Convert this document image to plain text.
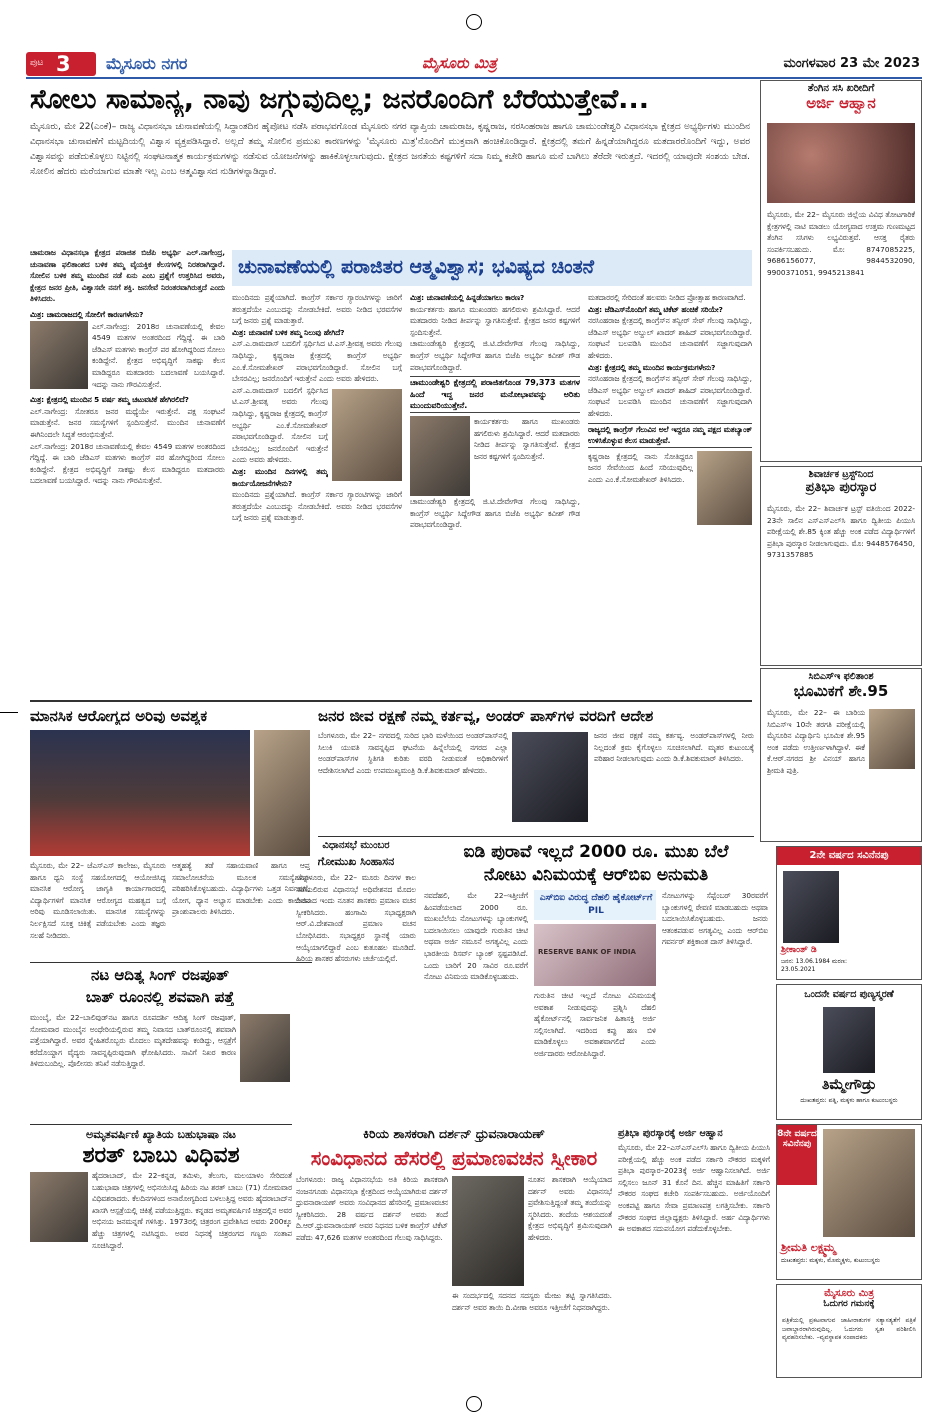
ಪುಟ 3 ಮೈಸೂರು ನಗರ	ಮೈಸೂರು ಮಿತ್ರ	ಮಂಗಳವಾರ 23 ಮೇ 2023
ಸೋಲು ಸಾಮಾನ್ಯ, ನಾವು ಜಗ್ಗುವುದಿಲ್ಲ; ಜನರೊಂದಿಗೆ ಬೆರೆಯುತ್ತೇವೆ...
ಮೈಸೂರು, ಮೇ 22(ಎಂಕೆ)– ರಾಜ್ಯ ವಿಧಾನಸಭಾ ಚುನಾವಣೆಯಲ್ಲಿ ಸಿದ್ಧಾಂತದಿನ ಹೈಪೋಟ ನಡೆಸಿ ಪರಾಭವಗೊಂಡ ಮೈಸೂರು ನಗರ ವ್ಯಾಪ್ತಿಯ ಚಾಮರಾಜ, ಕೃಷ್ಣರಾಜ, ನರಸಿಂಹರಾಜ ಹಾಗೂ ಚಾಮುಂಡೇಶ್ವರಿ ವಿಧಾನಸಭಾ ಕ್ಷೇತ್ರದ ಅಭ್ಯರ್ಥಿಗಳು ಮುಂದಿನ ವಿಧಾನಸಭಾ ಚುನಾವಣೆಗೆ ಮಟ್ಟದಿಯಲ್ಲಿ ವಿಶ್ವಾಸ ವ್ಯಕ್ತಪಡಿಸಿದ್ದಾರೆ. ಅಲ್ಲದೆ ತಮ್ಮ ಸೋಲಿನ ಪ್ರಮುಖ ಕಾರಣಗಳನ್ನು 'ಮೈಸೂರು ಮಿತ್ರ'ನೊಂದಿಗೆ ಮುಕ್ತವಾಗಿ ಹಂಚಿಕೊಂಡಿದ್ದಾರೆ. ಕ್ಷೇತ್ರದಲ್ಲಿ ತಮಗೆ ಹಿನ್ನಡೆಯಾಗಿದ್ದರೂ ಮತದಾರರೊಂದಿಗೆ ಇದ್ದು, ಅವರ ವಿಶ್ವಾಸವನ್ನು ಪಡೆದುಕೊಳ್ಳಲು ನಿಟ್ಟಿನಲ್ಲಿ ಸಂಘಟನಾತ್ಮಕ ಕಾರ್ಯಕ್ರಮಗಳನ್ನು ನಡೆಸುವ ಯೋಜನೆಗಳನ್ನು ಹಾಕಿಕೊಳ್ಳಲಾಗುವುದು. ಕ್ಷೇತ್ರದ ಜನತೆಯ ಕಷ್ಟಗಳಿಗೆ ಸದಾ ನಿಮ್ಮ ಕಚೇರಿ ಹಾಗೂ ಮನೆ ಬಾಗಿಲು ತೆರೆದೇ ಇರುತ್ತದೆ. ಇದರಲ್ಲಿ ಯಾವುದೇ ಸಂಶಯ ಬೇಡ. ಸೋಲಿನ ಹೆದರು ಮರೆಯಾಗುವ ಮಾತೇ ಇಲ್ಲ ಎಂಬ ಆತ್ಮವಿಶ್ವಾಸದ ನುಡಿಗಳನ್ನಾಡಿದ್ದಾರೆ.
ಚುನಾವಣೆಯಲ್ಲಿ ಪರಾಜಿತರ ಆತ್ಮವಿಶ್ವಾಸ; ಭವಿಷ್ಯದ ಚಿಂತನೆ
ಚಾಮರಾಜ ವಿಧಾನಸಭಾ ಕ್ಷೇತ್ರದ ಪರಾಜಿತ ಬಿಜೆಪಿ ಅಭ್ಯರ್ಥಿ ಎಲ್.ನಾಗೇಂದ್ರ, ಚುನಾವಣಾ ಫಲಿತಾಂಶದ ಬಳಿಕ ತಮ್ಮ ವೈಯಕ್ತಿಕ ಕೆಲಸಗಳಲ್ಲಿ ನಿರತರಾಗಿದ್ದಾರೆ. ಸೋಲಿನ ಬಳಿಕ ತಮ್ಮ ಮುಂದಿನ ನಡೆ ಏನು ಎಂಬ ಪ್ರಶ್ನೆಗೆ ಉತ್ತರಿಸಿದ ಅವರು, ಕ್ಷೇತ್ರದ ಜನರ ಪ್ರೀತಿ, ವಿಶ್ವಾಸವೇ ನನಗೆ ಶಕ್ತಿ. ಜನಸೇವೆ ನಿರಂತರವಾಗಿರುತ್ತದೆ ಎಂದು ತಿಳಿಸಿದರು.
ಮಿತ್ರ: ಚಾಮರಾಜದಲ್ಲಿ ಸೋಲಿಗೆ ಕಾರಣಗಳೇನು?
ಎಲ್.ನಾಗೇಂದ್ರ: 2018ರ ಚುನಾವಣೆಯಲ್ಲಿ ಕೇವಲ 4549 ಮತಗಳ ಅಂತರದಿಂದ ಗೆದ್ದಿದ್ದೆ. ಈ ಬಾರಿ ಜೆಡಿಎಸ್ ಮತಗಳು ಕಾಂಗ್ರೆಸ್ ಪರ ಹೋಗಿದ್ದರಿಂದ ಸೋಲು ಕಂಡಿದ್ದೇನೆ. ಕ್ಷೇತ್ರದ ಅಭಿವೃದ್ಧಿಗೆ ಸಾಕಷ್ಟು ಕೆಲಸ ಮಾಡಿದ್ದರೂ ಮತದಾರರು ಬದಲಾವಣೆ ಬಯಸಿದ್ದಾರೆ. ಇದನ್ನು ನಾನು ಗೌರವಿಸುತ್ತೇನೆ.
ಮಿತ್ರ: ಕ್ಷೇತ್ರದಲ್ಲಿ ಮುಂದಿನ 5 ವರ್ಷ ತಮ್ಮ ಚಟುವಟಿಕೆ ಹೇಗಿರಲಿದೆ?
ಎಲ್.ನಾಗೇಂದ್ರ: ಸೋತರೂ ಜನರ ಮಧ್ಯೆಯೇ ಇರುತ್ತೇನೆ. ಪಕ್ಷ ಸಂಘಟನೆ ಮಾಡುತ್ತೇನೆ. ಜನರ ಸಮಸ್ಯೆಗಳಿಗೆ ಸ್ಪಂದಿಸುತ್ತೇನೆ. ಮುಂದಿನ ಚುನಾವಣೆಗೆ ಈಗಿನಿಂದಲೇ ಸಿದ್ಧತೆ ಆರಂಭಿಸುತ್ತೇನೆ.
ಎಲ್.ನಾಗೇಂದ್ರ: 2018ರ ಚುನಾವಣೆಯಲ್ಲಿ ಕೇವಲ 4549 ಮತಗಳ ಅಂತರದಿಂದ ಗೆದ್ದಿದ್ದೆ. ಈ ಬಾರಿ ಜೆಡಿಎಸ್ ಮತಗಳು ಕಾಂಗ್ರೆಸ್ ಪರ ಹೋಗಿದ್ದರಿಂದ ಸೋಲು ಕಂಡಿದ್ದೇನೆ. ಕ್ಷೇತ್ರದ ಅಭಿವೃದ್ಧಿಗೆ ಸಾಕಷ್ಟು ಕೆಲಸ ಮಾಡಿದ್ದರೂ ಮತದಾರರು ಬದಲಾವಣೆ ಬಯಸಿದ್ದಾರೆ. ಇದನ್ನು ನಾನು ಗೌರವಿಸುತ್ತೇನೆ.
ಮುಂದಿನದು ಪ್ರಶ್ನೆಯಾಗಿದೆ. ಕಾಂಗ್ರೆಸ್ ಸರ್ಕಾರ ಗ್ಯಾರಂಟಿಗಳನ್ನು ಜಾರಿಗೆ ತರುತ್ತದೆಯೇ ಎಂಬುದನ್ನು ನೋಡಬೇಕಿದೆ. ಅವರು ನೀಡಿದ ಭರವಸೆಗಳ ಬಗ್ಗೆ ಜನರು ಪ್ರಶ್ನೆ ಮಾಡುತ್ತಾರೆ.
ಮಿತ್ರ: ಚುನಾವಣೆ ಬಳಿಕ ತಮ್ಮ ನಿಲುವು ಹೇಗಿದೆ?
ಎಸ್.ಎ.ರಾಮದಾಸ್ ಬದಲಿಗೆ ಸ್ಪರ್ಧಿಸಿದ ಟಿ.ಎಸ್.ಶ್ರೀವತ್ಸ ಅವರು ಗೆಲುವು ಸಾಧಿಸಿದ್ದು, ಕೃಷ್ಣರಾಜ ಕ್ಷೇತ್ರದಲ್ಲಿ ಕಾಂಗ್ರೆಸ್ ಅಭ್ಯರ್ಥಿ ಎಂ.ಕೆ.ಸೋಮಶೇಖರ್ ಪರಾಭವಗೊಂಡಿದ್ದಾರೆ. ಸೋಲಿನ ಬಗ್ಗೆ ಬೇಸರವಿಲ್ಲ; ಜನರೊಂದಿಗೆ ಇರುತ್ತೇನೆ ಎಂದು ಅವರು ಹೇಳಿದರು.
ಎಸ್.ಎ.ರಾಮದಾಸ್ ಬದಲಿಗೆ ಸ್ಪರ್ಧಿಸಿದ ಟಿ.ಎಸ್.ಶ್ರೀವತ್ಸ ಅವರು ಗೆಲುವು ಸಾಧಿಸಿದ್ದು, ಕೃಷ್ಣರಾಜ ಕ್ಷೇತ್ರದಲ್ಲಿ ಕಾಂಗ್ರೆಸ್ ಅಭ್ಯರ್ಥಿ ಎಂ.ಕೆ.ಸೋಮಶೇಖರ್ ಪರಾಭವಗೊಂಡಿದ್ದಾರೆ. ಸೋಲಿನ ಬಗ್ಗೆ ಬೇಸರವಿಲ್ಲ; ಜನರೊಂದಿಗೆ ಇರುತ್ತೇನೆ ಎಂದು ಅವರು ಹೇಳಿದರು.
ಮಿತ್ರ: ಮುಂದಿನ ದಿನಗಳಲ್ಲಿ ತಮ್ಮ ಕಾರ್ಯಯೋಜನೆಗಳೇನು?
ಮುಂದಿನದು ಪ್ರಶ್ನೆಯಾಗಿದೆ. ಕಾಂಗ್ರೆಸ್ ಸರ್ಕಾರ ಗ್ಯಾರಂಟಿಗಳನ್ನು ಜಾರಿಗೆ ತರುತ್ತದೆಯೇ ಎಂಬುದನ್ನು ನೋಡಬೇಕಿದೆ. ಅವರು ನೀಡಿದ ಭರವಸೆಗಳ ಬಗ್ಗೆ ಜನರು ಪ್ರಶ್ನೆ ಮಾಡುತ್ತಾರೆ.
ಮಿತ್ರ: ಚುನಾವಣೆಯಲ್ಲಿ ಹಿನ್ನಡೆಯಾಗಲು ಕಾರಣ?
ಕಾರ್ಯಕರ್ತರು ಹಾಗೂ ಮುಖಂಡರು ಹಗಲಿರುಳು ಶ್ರಮಿಸಿದ್ದಾರೆ. ಆದರೆ ಮತದಾರರು ನೀಡಿದ ತೀರ್ಪನ್ನು ಸ್ವಾಗತಿಸುತ್ತೇವೆ. ಕ್ಷೇತ್ರದ ಜನರ ಕಷ್ಟಗಳಿಗೆ ಸ್ಪಂದಿಸುತ್ತೇನೆ.
ಚಾಮುಂಡೇಶ್ವರಿ ಕ್ಷೇತ್ರದಲ್ಲಿ ಜಿ.ಟಿ.ದೇವೇಗೌಡ ಗೆಲುವು ಸಾಧಿಸಿದ್ದು, ಕಾಂಗ್ರೆಸ್ ಅಭ್ಯರ್ಥಿ ಸಿದ್ದೇಗೌಡ ಹಾಗೂ ಬಿಜೆಪಿ ಅಭ್ಯರ್ಥಿ ಕವೀಶ್ ಗೌಡ ಪರಾಭವಗೊಂಡಿದ್ದಾರೆ.
ಚಾಮುಂಡೇಶ್ವರಿ ಕ್ಷೇತ್ರದಲ್ಲಿ ಪರಾಜಿತಗೊಂಡ 79,373 ಮತಗಳ ಹಿಂದೆ ಇದ್ದ ಜನರ ಮನೋಭಾವವನ್ನು ಅರಿತು ಮುಂದುವರಿಯುತ್ತೇನೆ.
ಕಾರ್ಯಕರ್ತರು ಹಾಗೂ ಮುಖಂಡರು ಹಗಲಿರುಳು ಶ್ರಮಿಸಿದ್ದಾರೆ. ಆದರೆ ಮತದಾರರು ನೀಡಿದ ತೀರ್ಪನ್ನು ಸ್ವಾಗತಿಸುತ್ತೇವೆ. ಕ್ಷೇತ್ರದ ಜನರ ಕಷ್ಟಗಳಿಗೆ ಸ್ಪಂದಿಸುತ್ತೇನೆ.
ಚಾಮುಂಡೇಶ್ವರಿ ಕ್ಷೇತ್ರದಲ್ಲಿ ಜಿ.ಟಿ.ದೇವೇಗೌಡ ಗೆಲುವು ಸಾಧಿಸಿದ್ದು, ಕಾಂಗ್ರೆಸ್ ಅಭ್ಯರ್ಥಿ ಸಿದ್ದೇಗೌಡ ಹಾಗೂ ಬಿಜೆಪಿ ಅಭ್ಯರ್ಥಿ ಕವೀಶ್ ಗೌಡ ಪರಾಭವಗೊಂಡಿದ್ದಾರೆ.
ಮತದಾರರಲ್ಲಿ ಸೇರಿದಂತೆ ಹಲವರು ನೀಡಿದ ಪ್ರೋತ್ಸಾಹ ಕಾರಣವಾಗಿದೆ.
ಮಿತ್ರ: ಜೆಡಿಎಸ್‌ನೊಂದಿಗೆ ತಮ್ಮ ಟಿಕೆಟ್ ಹಂಚಿಕೆ ಸರಿಯೇ?
ನರಸಿಂಹರಾಜ ಕ್ಷೇತ್ರದಲ್ಲಿ ಕಾಂಗ್ರೆಸ್‌ನ ತನ್ವೀರ್ ಸೇಠ್ ಗೆಲುವು ಸಾಧಿಸಿದ್ದು, ಜೆಡಿಎಸ್ ಅಭ್ಯರ್ಥಿ ಅಬ್ದುಲ್ ಖಾದರ್ ಶಾಹಿದ್ ಪರಾಭವಗೊಂಡಿದ್ದಾರೆ. ಸಂಘಟನೆ ಬಲಪಡಿಸಿ ಮುಂದಿನ ಚುನಾವಣೆಗೆ ಸಜ್ಜಾಗುವುದಾಗಿ ಹೇಳಿದರು.
ಮಿತ್ರ: ಕ್ಷೇತ್ರದಲ್ಲಿ ತಮ್ಮ ಮುಂದಿನ ಕಾರ್ಯಕ್ರಮಗಳೇನು?
ನರಸಿಂಹರಾಜ ಕ್ಷೇತ್ರದಲ್ಲಿ ಕಾಂಗ್ರೆಸ್‌ನ ತನ್ವೀರ್ ಸೇಠ್ ಗೆಲುವು ಸಾಧಿಸಿದ್ದು, ಜೆಡಿಎಸ್ ಅಭ್ಯರ್ಥಿ ಅಬ್ದುಲ್ ಖಾದರ್ ಶಾಹಿದ್ ಪರಾಭವಗೊಂಡಿದ್ದಾರೆ. ಸಂಘಟನೆ ಬಲಪಡಿಸಿ ಮುಂದಿನ ಚುನಾವಣೆಗೆ ಸಜ್ಜಾಗುವುದಾಗಿ ಹೇಳಿದರು.
ರಾಜ್ಯದಲ್ಲಿ ಕಾಂಗ್ರೆಸ್ ಗೆಲುವಿನ ಅಲೆ ಇದ್ದರೂ ನಮ್ಮ ಪಕ್ಷದ ಮತಬ್ಯಾಂಕ್ ಉಳಿಸಿಕೊಳ್ಳುವ ಕೆಲಸ ಮಾಡುತ್ತೇವೆ.
ಕೃಷ್ಣರಾಜ ಕ್ಷೇತ್ರದಲ್ಲಿ ನಾನು ಸೋತಿದ್ದರೂ ಜನರ ಸೇವೆಯಿಂದ ಹಿಂದೆ ಸರಿಯುವುದಿಲ್ಲ ಎಂದು ಎಂ.ಕೆ.ಸೋಮಶೇಖರ್ ತಿಳಿಸಿದರು.
ತೆಂಗಿನ ಸಸಿ ಖರೀದಿಗೆ
ಅರ್ಜಿ ಆಹ್ವಾನ
ಮೈಸೂರು, ಮೇ 22– ಮೈಸೂರು ಜಿಲ್ಲೆಯ ವಿವಿಧ ತೋಟಗಾರಿಕೆ ಕ್ಷೇತ್ರಗಳಲ್ಲಿ ನಾಟಿ ಮಾಡಲು ಯೋಗ್ಯವಾದ ಉತ್ತಮ ಗುಣಮಟ್ಟದ ತೆಂಗಿನ ಸಸಿಗಳು ಲಭ್ಯವಿರುತ್ತವೆ. ಆಸಕ್ತ ರೈತರು ಸಂಪರ್ಕಿಸಬಹುದು. ಮೊ: 8747085225, 9686156077, 9844532090, 9900371051, 9945213841
ಶಿವಾರ್ಚಕ ಟ್ರಸ್ಟ್‌ನಿಂದ
ಪ್ರತಿಭಾ ಪುರಸ್ಕಾರ
ಮೈಸೂರು, ಮೇ 22– ಶಿವಾರ್ಚಕ ಟ್ರಸ್ಟ್ ವತಿಯಿಂದ 2022-23ನೇ ಸಾಲಿನ ಎಸ್ಎಸ್ಎಲ್‌ಸಿ ಹಾಗೂ ದ್ವಿತೀಯ ಪಿಯುಸಿ ಪರೀಕ್ಷೆಯಲ್ಲಿ ಶೇ.85 ಕ್ಕಿಂತ ಹೆಚ್ಚು ಅಂಕ ಪಡೆದ ವಿದ್ಯಾರ್ಥಿಗಳಿಗೆ ಪ್ರತಿಭಾ ಪುರಸ್ಕಾರ ನೀಡಲಾಗುವುದು. ಮೊ: 9448576450, 9731357885
ಸಿಬಿಎಸ್ಇ ಫಲಿತಾಂಶ
ಭೂಮಿಕಗೆ ಶೇ.95
ಮೈಸೂರು, ಮೇ 22– ಈ ಬಾರಿಯ ಸಿಬಿಎಸ್ಇ 10ನೇ ತರಗತಿ ಪರೀಕ್ಷೆಯಲ್ಲಿ ಮೈಸೂರಿನ ವಿದ್ಯಾರ್ಥಿನಿ ಭೂಮಿಕ ಶೇ.95 ಅಂಕ ಪಡೆದು ಉತ್ತೀರ್ಣಳಾಗಿದ್ದಾಳೆ. ಈಕೆ ಕೆ.ಆರ್.ನಗರದ ಶ್ರೀ ವಿನಯ್ ಹಾಗೂ ಶ್ರೀಮತಿ ಪುತ್ರಿ.
2ನೇ ವರ್ಷದ ಸವಿನೆನಪು
ಶ್ರೀಕಾಂತ್ ಡಿ
ಜನನ: 13.06.1984 ಮರಣ: 23.05.2021
ಒಂದನೇ ವರ್ಷದ ಪುಣ್ಯಸ್ಮರಣೆ
ತಿಮ್ಮೇಗೌಡ್ರು
ದುಃಖತಪ್ತರು: ಪತ್ನಿ, ಮಕ್ಕಳು ಹಾಗೂ ಕುಟುಂಬಸ್ಥರು
8ನೇ ವರ್ಷದ ಸವಿನೆನಪು
ಶ್ರೀಮತಿ ಲಕ್ಷ್ಮಮ್ಮ
ದುಃಖತಪ್ತರು: ಮಕ್ಕಳು, ಮೊಮ್ಮಕ್ಕಳು, ಕುಟುಂಬಸ್ಥರು
ಮೈಸೂರು ಮಿತ್ರ
ಓದುಗರ ಗಮನಕ್ಕೆ
ಪತ್ರಿಕೆಯಲ್ಲಿ ಪ್ರಕಟವಾಗುವ ಜಾಹೀರಾತುಗಳ ಸತ್ಯಾಸತ್ಯತೆಗೆ ಪತ್ರಿಕೆ ಜವಾಬ್ದಾರರಾಗಿರುವುದಿಲ್ಲ. ಓದುಗರು ಸ್ವತಃ ಪರಿಶೀಲಿಸಿ ವ್ಯವಹರಿಸಬೇಕು. –ವ್ಯವಸ್ಥಾಪಕ ಸಂಪಾದಕರು
ಮಾನಸಿಕ ಆರೋಗ್ಯದ ಅರಿವು ಅವಶ್ಯಕ
ಮೈಸೂರು, ಮೇ 22– ಜೆಎಸ್ಎಸ್ ಕಾಲೇಜು, ಮೈಸೂರು ಹಾಗೂ ಧ್ವನಿ ಸಂಸ್ಥೆ ಸಹಯೋಗದಲ್ಲಿ ಆಯೋಜಿಸಿದ್ದ ಮಾನಸಿಕ ಆರೋಗ್ಯ ಜಾಗೃತಿ ಕಾರ್ಯಾಗಾರದಲ್ಲಿ ವಿದ್ಯಾರ್ಥಿಗಳಿಗೆ ಮಾನಸಿಕ ಆರೋಗ್ಯದ ಮಹತ್ವದ ಬಗ್ಗೆ ಅರಿವು ಮೂಡಿಸಲಾಯಿತು. ಮಾನಸಿಕ ಸಮಸ್ಯೆಗಳನ್ನು ನಿರ್ಲಕ್ಷಿಸದೆ ಸೂಕ್ತ ಚಿಕಿತ್ಸೆ ಪಡೆಯಬೇಕು ಎಂದು ತಜ್ಞರು ಸಲಹೆ ನೀಡಿದರು.
ಆತ್ಮಹತ್ಯೆ ತಡೆ ಸಹಾಯವಾಣಿ ಹಾಗೂ ಆಪ್ತ ಸಮಾಲೋಚನೆಯ ಮೂಲಕ ಸಮಸ್ಯೆಗಳನ್ನು ಪರಿಹರಿಸಿಕೊಳ್ಳಬಹುದು. ವಿದ್ಯಾರ್ಥಿಗಳು ಒತ್ತಡ ನಿರ್ವಹಣೆ, ಯೋಗ, ಧ್ಯಾನ ಅಭ್ಯಾಸ ಮಾಡಬೇಕು ಎಂದು ಕಾಲೇಜಿನ ಪ್ರಾಂಶುಪಾಲರು ತಿಳಿಸಿದರು.
ಜನರ ಜೀವ ರಕ್ಷಣೆ ನಮ್ಮ ಕರ್ತವ್ಯ, ಅಂಡರ್ ಪಾಸ್‌ಗಳ ವರದಿಗೆ ಆದೇಶ
ಬೆಂಗಳೂರು, ಮೇ 22– ನಗರದಲ್ಲಿ ಸುರಿದ ಭಾರಿ ಮಳೆಯಿಂದ ಅಂಡರ್‌ಪಾಸ್‌ನಲ್ಲಿ ಸಿಲುಕಿ ಯುವತಿ ಸಾವನ್ನಪ್ಪಿದ ಘಟನೆಯ ಹಿನ್ನೆಲೆಯಲ್ಲಿ ನಗರದ ಎಲ್ಲಾ ಅಂಡರ್‌ಪಾಸ್‌ಗಳ ಸ್ಥಿತಿಗತಿ ಕುರಿತು ವರದಿ ನೀಡುವಂತೆ ಅಧಿಕಾರಿಗಳಿಗೆ ಆದೇಶಿಸಲಾಗಿದೆ ಎಂದು ಉಪಮುಖ್ಯಮಂತ್ರಿ ಡಿ.ಕೆ.ಶಿವಕುಮಾರ್ ಹೇಳಿದರು.
ಜನರ ಜೀವ ರಕ್ಷಣೆ ನಮ್ಮ ಕರ್ತವ್ಯ. ಅಂಡರ್‌ಪಾಸ್‌ಗಳಲ್ಲಿ ನೀರು ನಿಲ್ಲದಂತೆ ಕ್ರಮ ಕೈಗೊಳ್ಳಲು ಸೂಚಿಸಲಾಗಿದೆ. ಮೃತರ ಕುಟುಂಬಕ್ಕೆ ಪರಿಹಾರ ನೀಡಲಾಗುವುದು ಎಂದು ಡಿ.ಕೆ.ಶಿವಕುಮಾರ್ ತಿಳಿಸಿದರು.
ವಿಧಾನಸಭೆ ಮುಂಬರ
ಗೋಮುಖ ಸಿಂಹಾಸನ
ಬೆಂಗಳೂರು, ಮೇ 22– ಮೂರು ದಿನಗಳ ಕಾಲ ನಡೆಯಲಿರುವ ವಿಧಾನಸಭೆ ಅಧಿವೇಶನದ ಮೊದಲ ದಿನವಾದ ಇಂದು ನೂತನ ಶಾಸಕರು ಪ್ರಮಾಣ ವಚನ ಸ್ವೀಕರಿಸಿದರು. ಹಂಗಾಮಿ ಸಭಾಧ್ಯಕ್ಷರಾಗಿ ಆರ್.ವಿ.ದೇಶಪಾಂಡೆ ಪ್ರಮಾಣ ವಚನ ಬೋಧಿಸಿದರು. ಸಭಾಧ್ಯಕ್ಷರ ಸ್ಥಾನಕ್ಕೆ ಯಾರು ಆಯ್ಕೆಯಾಗಲಿದ್ದಾರೆ ಎಂಬ ಕುತೂಹಲ ಮೂಡಿದೆ. ಹಿರಿಯ ಶಾಸಕರ ಹೆಸರುಗಳು ಚರ್ಚೆಯಲ್ಲಿವೆ.
ಐಡಿ ಪುರಾವೆ ಇಲ್ಲದೆ 2000 ರೂ. ಮುಖ ಬೆಲೆ
ನೋಟು ವಿನಿಮಯಕ್ಕೆ ಆರ್‌ಬಿಐ ಅನುಮತಿ
ನವದೆಹಲಿ, ಮೇ 22–ಇತ್ತೀಚೆಗೆ ಹಿಂಪಡೆಯಲಾದ 2000 ರೂ. ಮುಖಬೆಲೆಯ ನೋಟುಗಳನ್ನು ಬ್ಯಾಂಕುಗಳಲ್ಲಿ ಬದಲಾಯಿಸಲು ಯಾವುದೇ ಗುರುತಿನ ಚೀಟಿ ಅಥವಾ ಅರ್ಜಿ ನಮೂನೆ ಅಗತ್ಯವಿಲ್ಲ ಎಂದು ಭಾರತೀಯ ರಿಸರ್ವ್ ಬ್ಯಾಂಕ್ ಸ್ಪಷ್ಟಪಡಿಸಿದೆ. ಒಂದು ಬಾರಿಗೆ 20 ಸಾವಿರ ರೂ.ವರೆಗೆ ನೋಟು ವಿನಿಮಯ ಮಾಡಿಕೊಳ್ಳಬಹುದು.
ಎಸ್‌ಬಿಐ ವಿರುದ್ಧ ದೆಹಲಿ ಹೈಕೋರ್ಟ್‌ಗೆ PIL
RESERVE BANK OF INDIA
ಗುರುತಿನ ಚೀಟಿ ಇಲ್ಲದೆ ನೋಟು ವಿನಿಮಯಕ್ಕೆ ಅವಕಾಶ ನೀಡುವುದನ್ನು ಪ್ರಶ್ನಿಸಿ ದೆಹಲಿ ಹೈಕೋರ್ಟ್‌ನಲ್ಲಿ ಸಾರ್ವಜನಿಕ ಹಿತಾಸಕ್ತಿ ಅರ್ಜಿ ಸಲ್ಲಿಸಲಾಗಿದೆ. ಇದರಿಂದ ಕಪ್ಪು ಹಣ ಬಿಳಿ ಮಾಡಿಕೊಳ್ಳಲು ಅವಕಾಶವಾಗಲಿದೆ ಎಂದು ಅರ್ಜಿದಾರರು ಆರೋಪಿಸಿದ್ದಾರೆ.
ನೋಟುಗಳನ್ನು ಸೆಪ್ಟೆಂಬರ್ 30ರವರೆಗೆ ಬ್ಯಾಂಕುಗಳಲ್ಲಿ ಠೇವಣಿ ಮಾಡಬಹುದು ಅಥವಾ ಬದಲಾಯಿಸಿಕೊಳ್ಳಬಹುದು. ಜನರು ಆತಂಕಪಡುವ ಅಗತ್ಯವಿಲ್ಲ ಎಂದು ಆರ್‌ಬಿಐ ಗವರ್ನರ್ ಶಕ್ತಿಕಾಂತ ದಾಸ್ ತಿಳಿಸಿದ್ದಾರೆ.
ನಟ ಆದಿತ್ಯ ಸಿಂಗ್ ರಜಪೂತ್
ಬಾತ್ ರೂಂನಲ್ಲಿ ಶವವಾಗಿ ಪತ್ತೆ
ಮುಂಬೈ, ಮೇ 22–ಬಾಲಿವುಡ್‌ನಟ ಹಾಗೂ ರೂಪದರ್ಶಿ ಆದಿತ್ಯ ಸಿಂಗ್ ರಜಪೂತ್, ಸೋಮವಾರ ಮುಂಬೈನ ಅಂಧೇರಿಯಲ್ಲಿರುವ ತಮ್ಮ ನಿವಾಸದ ಬಾತ್‌ರೂಂನಲ್ಲಿ ಶವವಾಗಿ ಪತ್ತೆಯಾಗಿದ್ದಾರೆ. ಅವರ ಸ್ನೇಹಿತರೊಬ್ಬರು ಮೊದಲು ಮೃತದೇಹವನ್ನು ಕಂಡಿದ್ದು, ಆಸ್ಪತ್ರೆಗೆ ಕರೆದೊಯ್ದಾಗ ವೈದ್ಯರು ಸಾವನ್ನಪ್ಪಿರುವುದಾಗಿ ಘೋಷಿಸಿದರು. ಸಾವಿಗೆ ನಿಖರ ಕಾರಣ ತಿಳಿದುಬಂದಿಲ್ಲ. ಪೊಲೀಸರು ತನಿಖೆ ನಡೆಸುತ್ತಿದ್ದಾರೆ.
ಅಮೃತವರ್ಷಿಣಿ ಖ್ಯಾತಿಯ ಬಹುಭಾಷಾ ನಟ
ಶರತ್ ಬಾಬು ವಿಧಿವಶ
ಹೈದರಾಬಾದ್, ಮೇ 22–ಕನ್ನಡ, ತಮಿಳು, ತೆಲುಗು, ಮಲಯಾಳಂ ಸೇರಿದಂತೆ ಬಹುಭಾಷಾ ಚಿತ್ರಗಳಲ್ಲಿ ಅಭಿನಯಿಸಿದ್ದ ಹಿರಿಯ ನಟ ಶರತ್ ಬಾಬು (71) ಸೋಮವಾರ ವಿಧಿವಶರಾದರು. ಕೆಲದಿನಗಳಿಂದ ಅನಾರೋಗ್ಯದಿಂದ ಬಳಲುತ್ತಿದ್ದ ಅವರು ಹೈದರಾಬಾದ್‌ನ ಖಾಸಗಿ ಆಸ್ಪತ್ರೆಯಲ್ಲಿ ಚಿಕಿತ್ಸೆ ಪಡೆಯುತ್ತಿದ್ದರು. ಕನ್ನಡದ ಅಮೃತವರ್ಷಿಣಿ ಚಿತ್ರದಲ್ಲಿನ ಅವರ ಅಭಿನಯ ಜನಮನ್ನಣೆ ಗಳಿಸಿತ್ತು. 1973ರಲ್ಲಿ ಚಿತ್ರರಂಗ ಪ್ರವೇಶಿಸಿದ ಅವರು 200ಕ್ಕೂ ಹೆಚ್ಚು ಚಿತ್ರಗಳಲ್ಲಿ ನಟಿಸಿದ್ದರು. ಅವರ ನಿಧನಕ್ಕೆ ಚಿತ್ರರಂಗದ ಗಣ್ಯರು ಸಂತಾಪ ಸೂಚಿಸಿದ್ದಾರೆ.
ಕಿರಿಯ ಶಾಸಕರಾಗಿ ದರ್ಶನ್ ಧ್ರುವನಾರಾಯಣ್
ಸಂವಿಧಾನದ ಹೆಸರಲ್ಲಿ ಪ್ರಮಾಣವಚನ ಸ್ವೀಕಾರ
ಬೆಂಗಳೂರು: ರಾಜ್ಯ ವಿಧಾನಸಭೆಯ ಅತಿ ಕಿರಿಯ ಶಾಸಕರಾಗಿ ನಂಜನಗೂಡು ವಿಧಾನಸಭಾ ಕ್ಷೇತ್ರದಿಂದ ಆಯ್ಕೆಯಾಗಿರುವ ದರ್ಶನ್ ಧ್ರುವನಾರಾಯಣ್ ಅವರು ಸಂವಿಧಾನದ ಹೆಸರಿನಲ್ಲಿ ಪ್ರಮಾಣವಚನ ಸ್ವೀಕರಿಸಿದರು. 28 ವರ್ಷದ ದರ್ಶನ್ ಅವರು ತಂದೆ ದಿ.ಆರ್.ಧ್ರುವನಾರಾಯಣ್ ಅವರ ನಿಧನದ ಬಳಿಕ ಕಾಂಗ್ರೆಸ್ ಟಿಕೆಟ್ ಪಡೆದು 47,626 ಮತಗಳ ಅಂತರದಿಂದ ಗೆಲುವು ಸಾಧಿಸಿದ್ದರು.
ನೂತನ ಶಾಸಕರಾಗಿ ಆಯ್ಕೆಯಾದ ದರ್ಶನ್ ಅವರು ವಿಧಾನಸಭೆ ಪ್ರವೇಶಿಸುತ್ತಿದ್ದಂತೆ ತಮ್ಮ ತಂದೆಯನ್ನು ಸ್ಮರಿಸಿದರು. ತಂದೆಯ ಆಶಯದಂತೆ ಕ್ಷೇತ್ರದ ಅಭಿವೃದ್ಧಿಗೆ ಶ್ರಮಿಸುವುದಾಗಿ ಹೇಳಿದರು.
ಈ ಸಂದರ್ಭದಲ್ಲಿ ಸದನದ ಸದಸ್ಯರು ಮೇಜು ತಟ್ಟಿ ಸ್ವಾಗತಿಸಿದರು. ದರ್ಶನ್ ಅವರ ತಾಯಿ ದಿ.ವೀಣಾ ಅವರೂ ಇತ್ತೀಚೆಗೆ ನಿಧನರಾಗಿದ್ದರು.
ಪ್ರತಿಭಾ ಪುರಸ್ಕಾರಕ್ಕೆ ಅರ್ಜಿ ಆಹ್ವಾನ
ಮೈಸೂರು, ಮೇ 22–ಎಸ್ಎಸ್ಎಲ್‌ಸಿ ಹಾಗೂ ದ್ವಿತೀಯ ಪಿಯುಸಿ ಪರೀಕ್ಷೆಯಲ್ಲಿ ಹೆಚ್ಚು ಅಂಕ ಪಡೆದ ಸರ್ಕಾರಿ ನೌಕರರ ಮಕ್ಕಳಿಗೆ ಪ್ರತಿಭಾ ಪುರಸ್ಕಾರ–2023ಕ್ಕೆ ಅರ್ಜಿ ಆಹ್ವಾನಿಸಲಾಗಿದೆ. ಅರ್ಜಿ ಸಲ್ಲಿಸಲು ಜೂನ್ 31 ಕೊನೆ ದಿನ. ಹೆಚ್ಚಿನ ಮಾಹಿತಿಗೆ ಸರ್ಕಾರಿ ನೌಕರರ ಸಂಘದ ಕಚೇರಿ ಸಂಪರ್ಕಿಸಬಹುದು. ಅರ್ಜಿಯೊಂದಿಗೆ ಅಂಕಪಟ್ಟಿ ಹಾಗೂ ಸೇವಾ ಪ್ರಮಾಣಪತ್ರ ಲಗತ್ತಿಸಬೇಕು. ಸರ್ಕಾರಿ ನೌಕರರ ಸಂಘದ ಜಿಲ್ಲಾಧ್ಯಕ್ಷರು ತಿಳಿಸಿದ್ದಾರೆ. ಅರ್ಹ ವಿದ್ಯಾರ್ಥಿಗಳು ಈ ಅವಕಾಶದ ಸದುಪಯೋಗ ಪಡೆದುಕೊಳ್ಳಬೇಕು.
